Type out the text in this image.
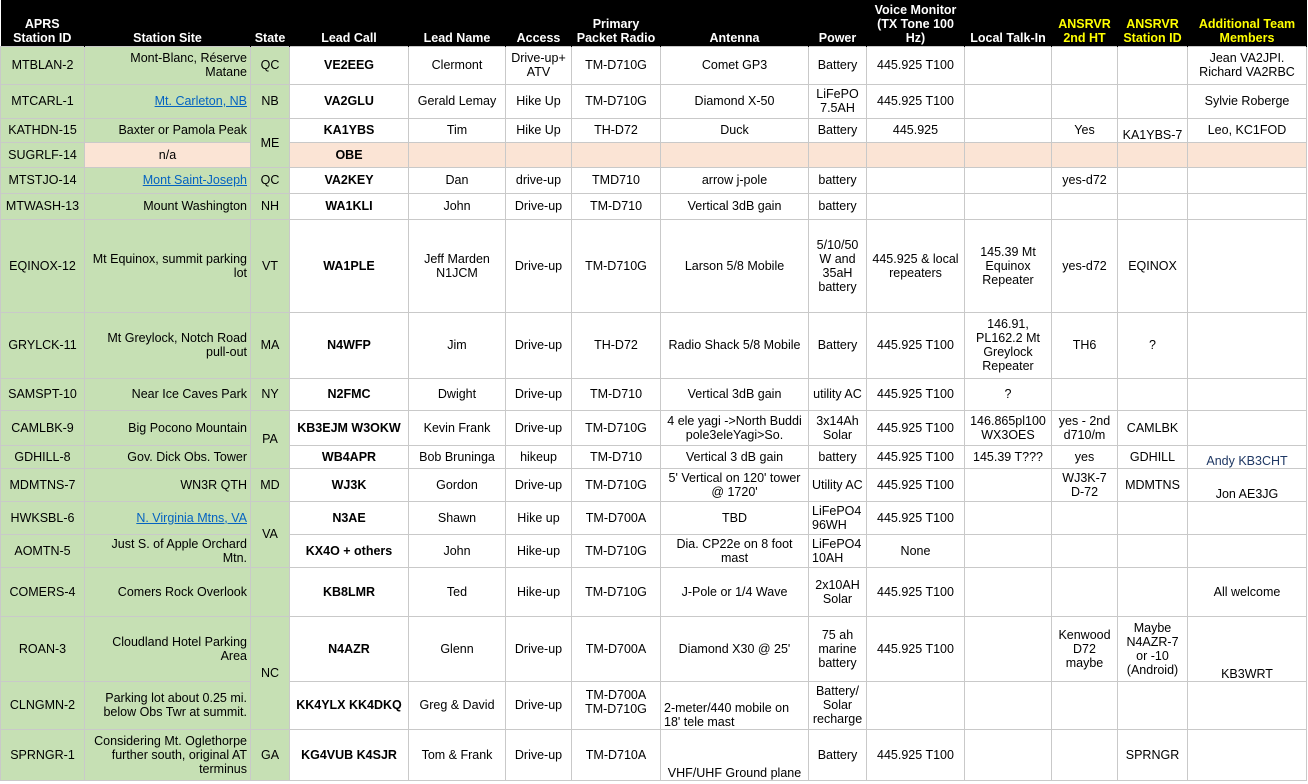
APRS Station ID	Station Site	State	Lead Call	Lead Name	Access	Primary Packet Radio	Antenna	Power	Voice Monitor (TX Tone 100 Hz)	Local Talk-In	ANSRVR 2nd HT	ANSRVR Station ID	Additional Team Members	
MTBLAN-2	Mont-Blanc, Réserve Matane	QC	VE2EEG	Clermont	Drive-up+ ATV	TM-D710G	Comet GP3	Battery	445.925 T100				Jean VA2JPI. Richard VA2RBC	
MTCARL-1	Mt. Carleton, NB	NB	VA2GLU	Gerald Lemay	Hike Up	TM-D710G	Diamond X-50	LiFePO 7.5AH	445.925 T100				Sylvie Roberge	
KATHDN-15	Baxter or Pamola Peak	ME	KA1YBS	Tim	Hike Up	TH-D72	Duck	Battery	445.925		Yes	KA1YBS-7	Leo, KC1FOD	
SUGRLF-14	n/a		OBE											
MTSTJO-14	Mont Saint-Joseph	QC	VA2KEY	Dan	drive-up	TMD710	arrow j-pole	battery			yes-d72			
MTWASH-13	Mount Washington	NH	WA1KLI	John	Drive-up	TM-D710	Vertical 3dB gain	battery						
EQINOX-12	Mt Equinox, summit parking lot	VT	WA1PLE	Jeff Marden N1JCM	Drive-up	TM-D710G	Larson 5/8 Mobile	5/10/50 W and 35aH battery	445.925 & local repeaters	145.39 Mt Equinox Repeater	yes-d72	EQINOX		
GRYLCK-11	Mt Greylock, Notch Road pull-out	MA	N4WFP	Jim	Drive-up	TH-D72	Radio Shack 5/8 Mobile	Battery	445.925 T100	146.91, PL162.2 Mt Greylock Repeater	TH6	?		
SAMSPT-10	Near Ice Caves Park	NY	N2FMC	Dwight	Drive-up	TM-D710	Vertical 3dB gain	utility AC	445.925 T100	?				
CAMLBK-9	Big Pocono Mountain	PA	KB3EJM W3OKW	Kevin Frank	Drive-up	TM-D710G	4 ele yagi ->North Buddipole3eleYagi>So.	3x14Ah Solar	445.925 T100	146.865pl100 WX3OES	yes - 2nd d710/m	CAMLBK		
GDHILL-8	Gov. Dick Obs. Tower		WB4APR	Bob Bruninga	hikeup	TM-D710	Vertical 3 dB gain	battery	445.925 T100	145.39 T???	yes	GDHILL	Andy KB3CHT	
MDMTNS-7	WN3R QTH	MD	WJ3K	Gordon	Drive-up	TM-D710G	5' Vertical on 120' tower @ 1720'	Utility AC	445.925 T100		WJ3K-7 D-72	MDMTNS	Jon AE3JG	
HWKSBL-6	N. Virginia Mtns, VA	VA	N3AE	Shawn	Hike up	TM-D700A	TBD	LiFePO4 96WH	445.925 T100					
AOMTN-5	Just S. of Apple Orchard Mtn.		KX4O + others	John	Hike-up	TM-D710G	Dia. CP22e on 8 foot mast	LiFePO4 10AH	None					
COMERS-4	Comers Rock Overlook		KB8LMR	Ted	Hike-up	TM-D710G	J-Pole or 1/4 Wave	2x10AH Solar	445.925 T100				All welcome	
ROAN-3	Cloudland Hotel Parking Area	NC	N4AZR	Glenn	Drive-up	TM-D700A	Diamond X30 @ 25'	75 ah marine battery	445.925 T100		Kenwood D72 maybe	Maybe N4AZR-7 or -10 (Android)	KB3WRT	
CLNGMN-2	Parking lot about 0.25 mi. below Obs Twr at summit.		KK4YLX KK4DKQ	Greg & David	Drive-up	TM-D700A TM-D710G	2-meter/440 mobile on 18' tele mast	Battery/ Solar recharge						
SPRNGR-1	Considering Mt. Oglethorpe further south, original AT terminus	GA	KG4VUB K4SJR	Tom & Frank	Drive-up	TM-D710A	VHF/UHF Ground plane	Battery	445.925 T100			SPRNGR		
